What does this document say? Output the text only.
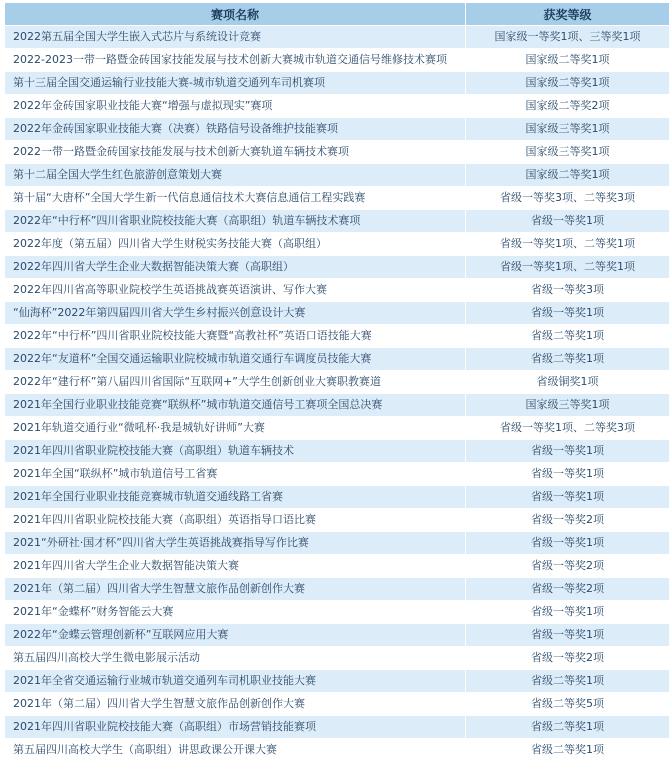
赛项名称	获奖等级
2022第五届全国大学生嵌入式芯片与系统设计竞赛	国家级一等奖1项、三等奖1项
2022-2023一带一路暨金砖国家技能发展与技术创新大赛城市轨道交通信号维修技术赛项	国家级二等奖1项
第十三届全国交通运输行业技能大赛-城市轨道交通列车司机赛项	国家级二等奖1项
2022年金砖国家职业技能大赛“增强与虚拟现实”赛项	国家级二等奖2项
2022年金砖国家职业技能大赛（决赛）铁路信号设备维护技能赛项	国家级三等奖1项
2022一带一路暨金砖国家技能发展与技术创新大赛轨道车辆技术赛项	国家级三等奖1项
第十二届全国大学生红色旅游创意策划大赛	国家级二等奖1项
第十届“大唐杯”全国大学生新一代信息通信技术大赛信息通信工程实践赛	省级一等奖3项、二等奖3项
2022年“中行杯”四川省职业院校技能大赛（高职组）轨道车辆技术赛项	省级一等奖1项
2022年度（第五届）四川省大学生财税实务技能大赛（高职组）	省级一等奖1项、二等奖1项
2022年四川省大学生企业大数据智能决策大赛（高职组）	省级一等奖1项、二等奖1项
2022年四川省高等职业院校学生英语挑战赛英语演讲、写作大赛	省级一等奖3项
“仙海杯”2022年第四届四川省大学生乡村振兴创意设计大赛	省级一等奖1项
2022年“中行杯”四川省职业院校技能大赛暨“高教社杯”英语口语技能大赛	省级二等奖1项
2022年“友道杯”全国交通运输职业院校城市轨道交通行车调度员技能大赛	省级二等奖1项
2022年“建行杯”第八届四川省国际“互联网+”大学生创新创业大赛职教赛道	省级铜奖1项
2021年全国行业职业技能竞赛“联纵杯”城市轨道交通信号工赛项全国总决赛	国家级三等奖1项
2021年轨道交通行业“微吼杯·我是城轨好讲师”大赛	省级一等奖1项、二等奖3项
2021年四川省职业院校技能大赛（高职组）轨道车辆技术	省级一等奖1项
2021年全国“联纵杯”城市轨道信号工省赛	省级一等奖1项
2021年全国行业职业技能竞赛城市轨道交通线路工省赛	省级一等奖1项
2021年四川省职业院校技能大赛（高职组）英语指导口语比赛	省级一等奖2项
2021“外研社·国才杯”四川省大学生英语挑战赛指导写作比赛	省级一等奖1项
2021年四川省大学生企业大数据智能决策大赛	省级一等奖2项
2021年（第二届）四川省大学生智慧文旅作品创新创作大赛	省级一等奖2项
2021年“金蝶杯”财务智能云大赛	省级一等奖1项
2022年“金蝶云管理创新杯”互联网应用大赛	省级一等奖1项
第五届四川高校大学生微电影展示活动	省级一等奖2项
2021年全省交通运输行业城市轨道交通列车司机职业技能大赛	省级二等奖1项
2021年（第二届）四川省大学生智慧文旅作品创新创作大赛	省级二等奖5项
2021年四川省职业院校技能大赛（高职组）市场营销技能赛项	省级二等奖1项
第五届四川高校大学生（高职组）讲思政课公开课大赛	省级二等奖1项
